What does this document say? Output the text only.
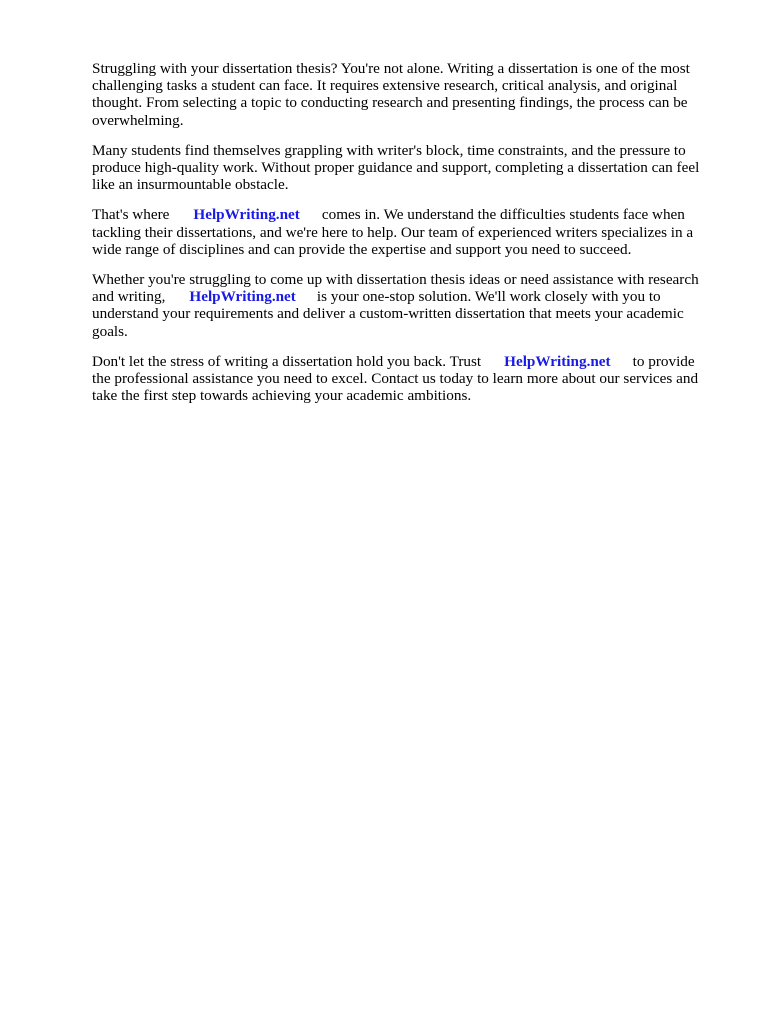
Struggling with your dissertation thesis? You're not alone. Writing a dissertation is one of the most
challenging tasks a student can face. It requires extensive research, critical analysis, and original
thought. From selecting a topic to conducting research and presenting findings, the process can be
overwhelming.

Many students find themselves grappling with writer's block, time constraints, and the pressure to
produce high-quality work. Without proper guidance and support, completing a dissertation can feel
like an insurmountable obstacle.

That's where HelpWriting.net comes in. We understand the difficulties students face when
tackling their dissertations, and we're here to help. Our team of experienced writers specializes in a
wide range of disciplines and can provide the expertise and support you need to succeed.

Whether you're struggling to come up with dissertation thesis ideas or need assistance with research
and writing, HelpWriting.net is your one-stop solution. We'll work closely with you to
understand your requirements and deliver a custom-written dissertation that meets your academic
goals.

Don't let the stress of writing a dissertation hold you back. Trust HelpWriting.net to provide
the professional assistance you need to excel. Contact us today to learn more about our services and
take the first step towards achieving your academic ambitions.
